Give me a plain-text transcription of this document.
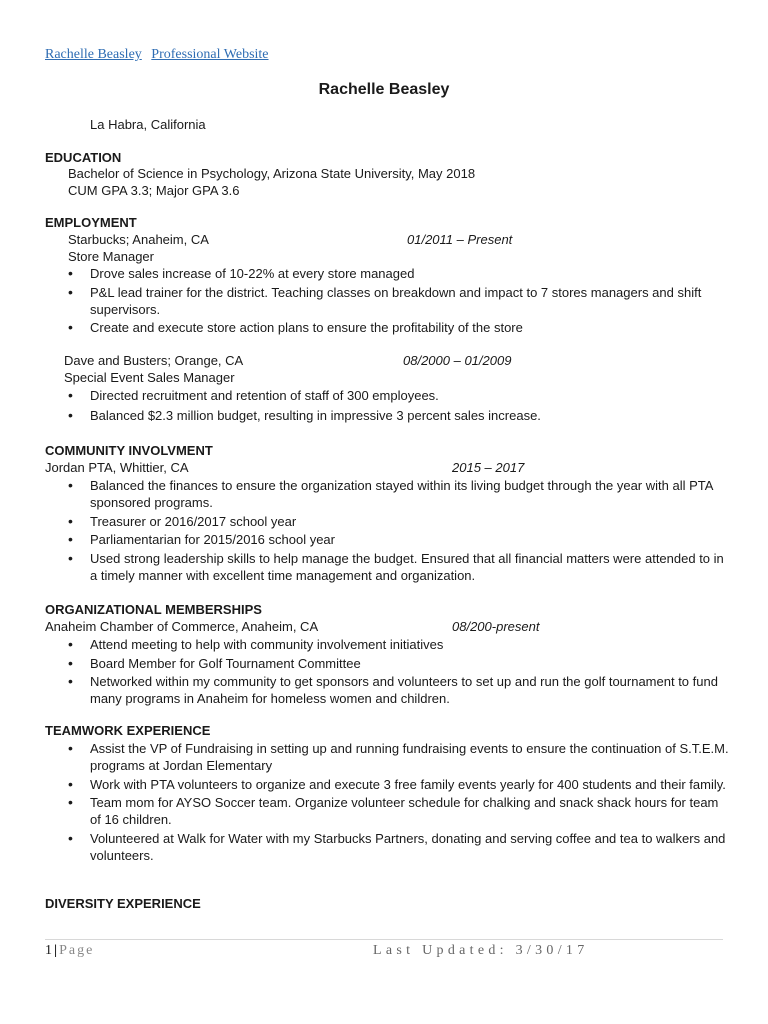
Rachelle Beasley Professional Website
Rachelle Beasley
La Habra, California
EDUCATION
Bachelor of Science in Psychology, Arizona State University, May 2018
CUM GPA 3.3; Major GPA 3.6
EMPLOYMENT
Starbucks; Anaheim, CA	01/2011 – Present
Store Manager
• Drove sales increase of 10-22% at every store managed
• P&L lead trainer for the district. Teaching classes on breakdown and impact to 7 stores managers and shift supervisors.
• Create and execute store action plans to ensure the profitability of the store
Dave and Busters; Orange, CA	08/2000 – 01/2009
Special Event Sales Manager
• Directed recruitment and retention of staff of 300 employees.
• Balanced $2.3 million budget, resulting in impressive 3 percent sales increase.
COMMUNITY INVOLVMENT
Jordan PTA, Whittier, CA	2015 – 2017
• Balanced the finances to ensure the organization stayed within its living budget through the year with all PTA sponsored programs.
• Treasurer or 2016/2017 school year
• Parliamentarian for 2015/2016 school year
• Used strong leadership skills to help manage the budget. Ensured that all financial matters were attended to in a timely manner with excellent time management and organization.
ORGANIZATIONAL MEMBERSHIPS
Anaheim Chamber of Commerce, Anaheim, CA	08/200-present
• Attend meeting to help with community involvement initiatives
• Board Member for Golf Tournament Committee
• Networked within my community to get sponsors and volunteers to set up and run the golf tournament to fund many programs in Anaheim for homeless women and children.
TEAMWORK EXPERIENCE
• Assist the VP of Fundraising in setting up and running fundraising events to ensure the continuation of S.T.E.M. programs at Jordan Elementary
• Work with PTA volunteers to organize and execute 3 free family events yearly for 400 students and their family.
• Team mom for AYSO Soccer team. Organize volunteer schedule for chalking and snack shack hours for team of 16 children.
• Volunteered at Walk for Water with my Starbucks Partners, donating and serving coffee and tea to walkers and volunteers.
DIVERSITY EXPERIENCE
1|Page	Last Updated: 3/30/17
